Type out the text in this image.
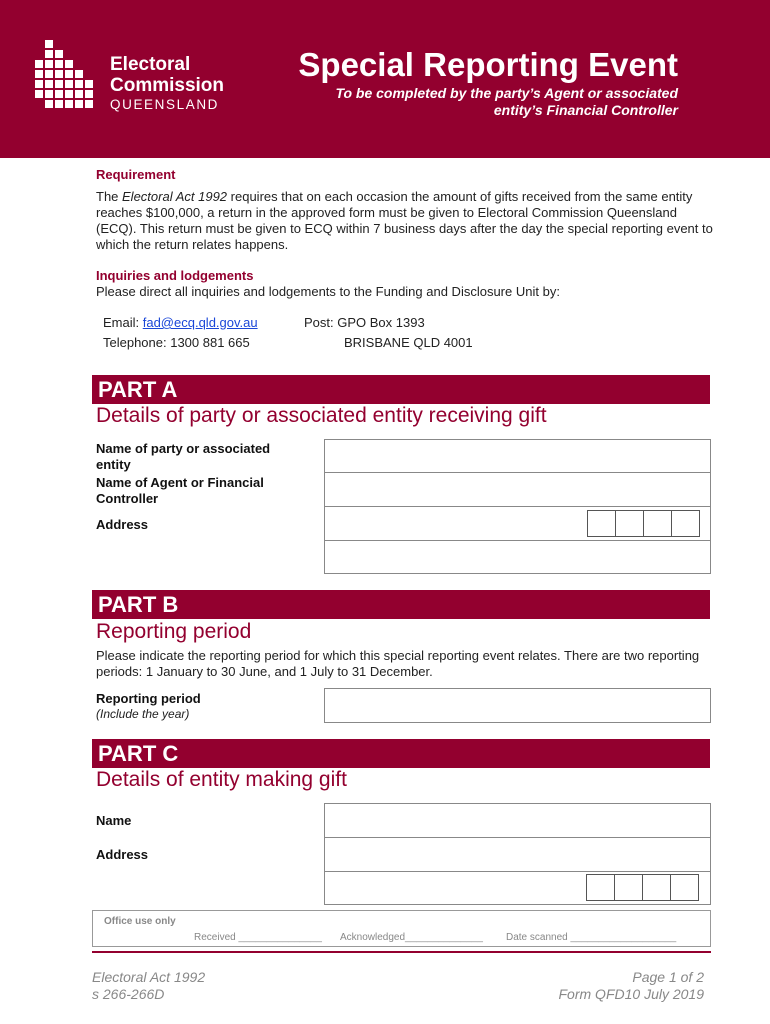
Electoral
Commission
QUEENSLAND
Special Reporting Event
To be completed by the party’s Agent or associated
entity’s Financial Controller
Requirement
The Electoral Act 1992 requires that on each occasion the amount of gifts received from the same entity reaches $100,000, a return in the approved form must be given to Electoral Commission Queensland (ECQ). This return must be given to ECQ within 7 business days after the day the special reporting event to which the return relates happens.
Inquiries and lodgements
Please direct all inquiries and lodgements to the Funding and Disclosure Unit by:
Email: fad@ecq.qld.gov.au
Telephone: 1300 881 665
Post: GPO Box 1393
BRISBANE QLD 4001
PART A
Details of party or associated entity receiving gift
Name of party or associated entity
Name of Agent or Financial Controller
Address
PART B
Reporting period
Please indicate the reporting period for which this special reporting event relates. There are two reporting periods: 1 January to 30 June, and 1 July to 31 December.
Reporting period
(Include the year)
PART C
Details of entity making gift
Name
Address
Office use only
Received _______________ Acknowledged______________ Date scanned ___________________
Electoral Act 1992
s 266-266D
Page 1 of 2
Form QFD10 July 2019
